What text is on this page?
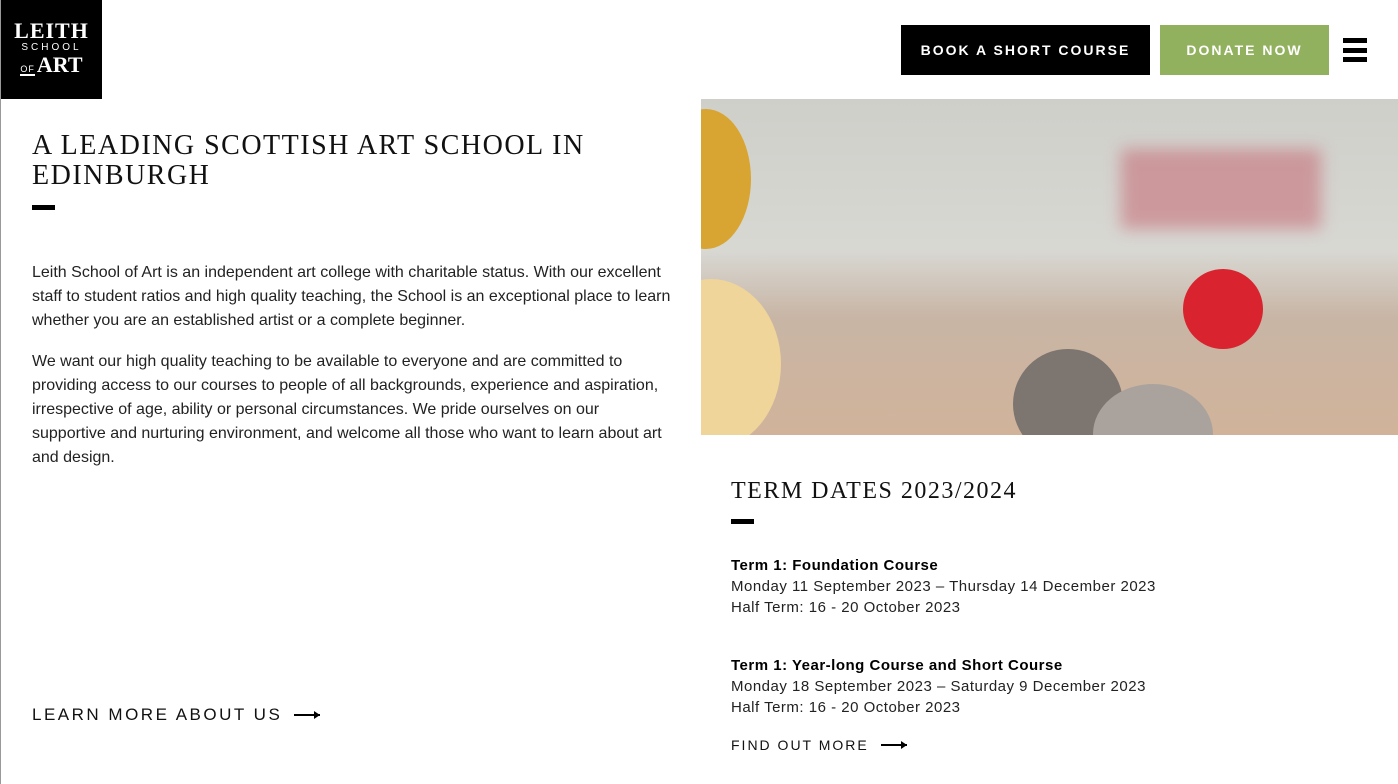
LEITH
SCHOOL
OFART
BOOK A SHORT COURSE	DONATE NOW
A LEADING SCOTTISH ART SCHOOL IN EDINBURGH

Leith School of Art is an independent art college with charitable status. With our excellent staff to student ratios and high quality teaching, the School is an exceptional place to learn whether you are an established artist or a complete beginner.

We want our high quality teaching to be available to everyone and are committed to providing access to our courses to people of all backgrounds, experience and aspiration, irrespective of age, ability or personal circumstances. We pride ourselves on our supportive and nurturing environment, and welcome all those who want to learn about art and design.

LEARN MORE ABOUT US
TERM DATES 2023/2024
Term 1: Foundation Course
Monday 11 September 2023 – Thursday 14 December 2023
Half Term: 16 - 20 October 2023
Term 1: Year-long Course and Short Course
Monday 18 September 2023 – Saturday 9 December 2023
Half Term: 16 - 20 October 2023
FIND OUT MORE
